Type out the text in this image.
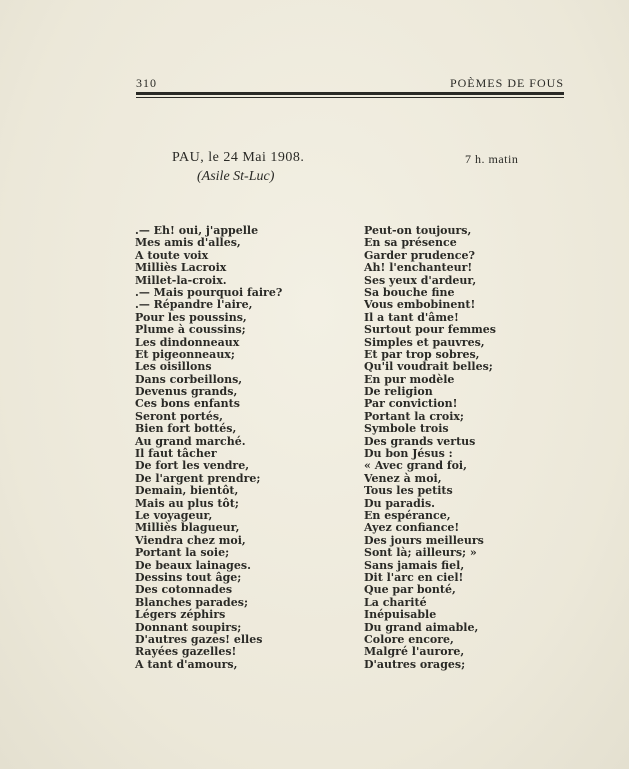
310	POÈMES DE FOUS
PAU, le 24 Mai 1908.
(Asile St-Luc)
7 h. matin
.— Eh! oui, j'appelle
Mes amis d'alles,
A toute voix
Milliès Lacroix
Millet-la-croix.
.— Mais pourquoi faire?
.— Répandre l'aire,
Pour les poussins,
Plume à coussins;
Les dindonneaux
Et pigeonneaux;
Les oisillons
Dans corbeillons,
Devenus grands,
Ces bons enfants
Seront portés,
Bien fort bottés,
Au grand marché.
Il faut tâcher
De fort les vendre,
De l'argent prendre;
Demain, bientôt,
Mais au plus tôt;
Le voyageur,
Milliès blagueur,
Viendra chez moi,
Portant la soie;
De beaux lainages.
Dessins tout âge;
Des cotonnades
Blanches parades;
Légers zéphirs
Donnant soupirs;
D'autres gazes! elles
Rayées gazelles!
A tant d'amours,
Peut-on toujours,
En sa présence
Garder prudence?
Ah! l'enchanteur!
Ses yeux d'ardeur,
Sa bouche fine
Vous embobinent!
Il a tant d'âme!
Surtout pour femmes
Simples et pauvres,
Et par trop sobres,
Qu'il voudrait belles;
En pur modèle
De religion
Par conviction!
Portant la croix;
Symbole trois
Des grands vertus
Du bon Jésus :
« Avec grand foi,
Venez à moi,
Tous les petits
Du paradis.
En espérance,
Ayez confiance!
Des jours meilleurs
Sont là; ailleurs; »
Sans jamais fiel,
Dit l'arc en ciel!
Que par bonté,
La charité
Inépuisable
Du grand aimable,
Colore encore,
Malgré l'aurore,
D'autres orages;
